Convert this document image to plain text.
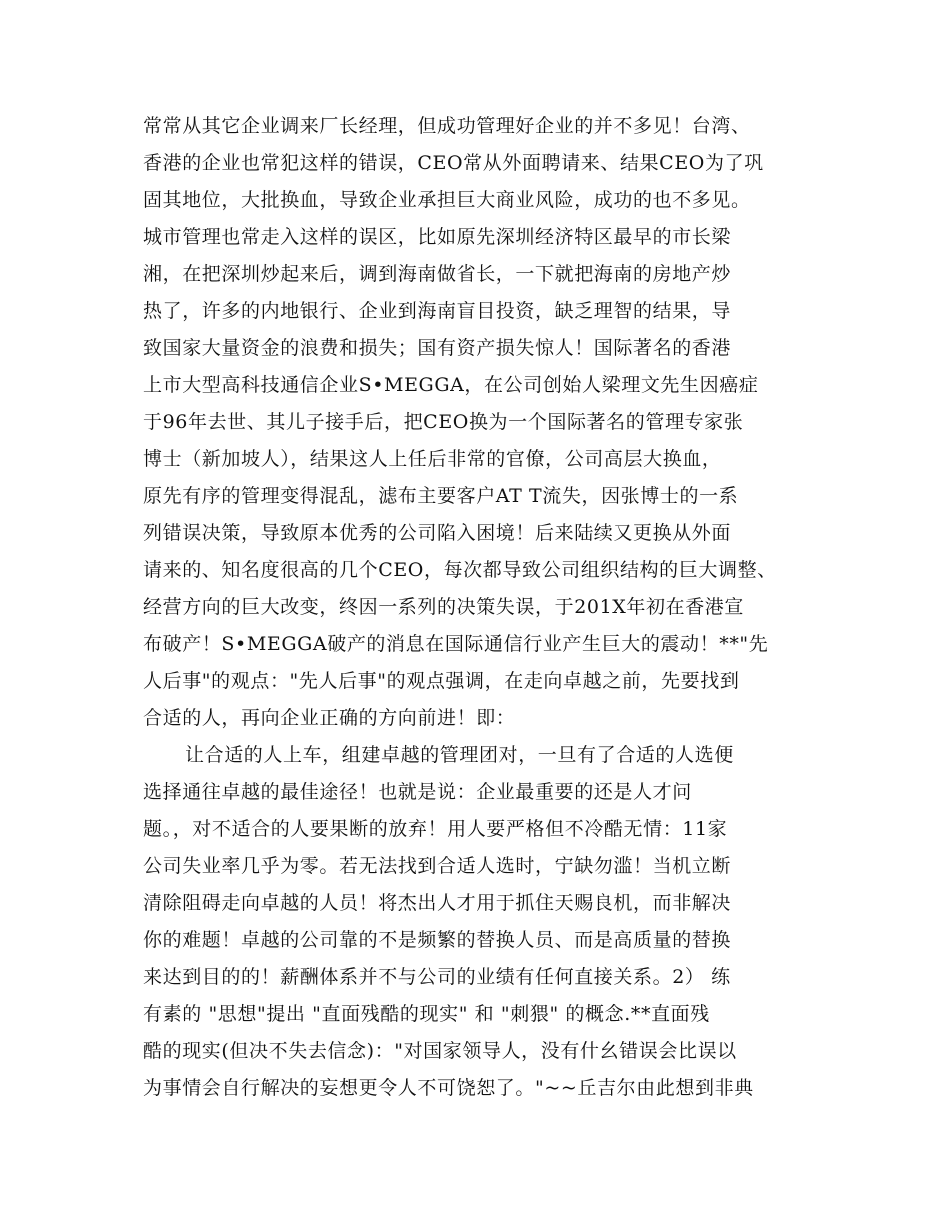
常常从其它企业调来厂长经理，但成功管理好企业的并不多见！台湾、
香港的企业也常犯这样的错误，CEO常从外面聘请来、结果CEO为了巩
固其地位，大批换血，导致企业承担巨大商业风险，成功的也不多见。
城市管理也常走入这样的误区，比如原先深圳经济特区最早的市长梁
湘，在把深圳炒起来后，调到海南做省长，一下就把海南的房地产炒
热了，许多的内地银行、企业到海南盲目投资，缺乏理智的结果，导
致国家大量资金的浪费和损失；国有资产损失惊人！国际著名的香港
上市大型高科技通信企业S•MEGGA，在公司创始人梁理文先生因癌症
于96年去世、其儿子接手后，把CEO换为一个国际著名的管理专家张
博士（新加坡人），结果这人上任后非常的官僚，公司高层大换血，
原先有序的管理变得混乱，滤布主要客户AT T流失，因张博士的一系
列错误决策，导致原本优秀的公司陷入困境！后来陆续又更换从外面
请来的、知名度很高的几个CEO，每次都导致公司组织结构的巨大调整、
经营方向的巨大改变，终因一系列的决策失误，于201X年初在香港宣
布破产！S•MEGGA破产的消息在国际通信行业产生巨大的震动！**"先
人后事"的观点："先人后事"的观点强调，在走向卓越之前，先要找到
合适的人，再向企业正确的方向前进！即：
让合适的人上车，组建卓越的管理团对，一旦有了合适的人选便
选择通往卓越的最佳途径！也就是说：企业最重要的还是人才问
题。，对不适合的人要果断的放弃！用人要严格但不冷酷无情：11家
公司失业率几乎为零。若无法找到合适人选时，宁缺勿滥！当机立断
清除阻碍走向卓越的人员！将杰出人才用于抓住天赐良机，而非解决
你的难题！卓越的公司靠的不是频繁的替换人员、而是高质量的替换
来达到目的的！薪酬体系并不与公司的业绩有任何直接关系。2） 练
有素的 "思想"提出 "直面残酷的现实" 和 "刺猥" 的概念.**直面残
酷的现实(但决不失去信念)："对国家领导人，没有什幺错误会比误以
为事情会自行解决的妄想更令人不可饶恕了。"~~丘吉尔由此想到非典
